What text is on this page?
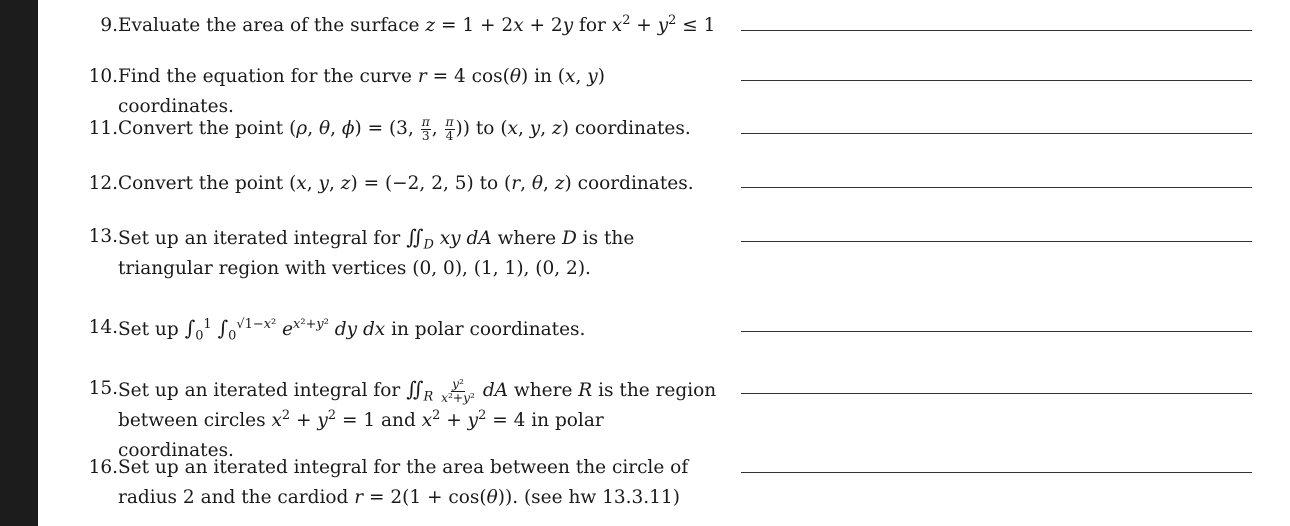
9. Evaluate the area of the surface z = 1 + 2x + 2y for $x^2 + y^2 \le 1$
10. Find the equation for the curve r = 4 cos(θ) in (x, y) coordinates.
11. Convert the point (ρ, θ, ϕ) = (3, $\frac{\pi}{3}$ , $\frac{\pi}{4}$ )) to (x, y, z) coordinates.
12. Convert the point (x, y, z) = (−2, 2, 5) to (r, θ, z) coordinates.
13. Set up an iterated integral for $∬_D$ xy dA where D is the triangular region with vertices (0, 0), (1, 1), (0, 2).
14. Set up $\int_0^1$ $\int_0^{√1-x^2}$ $e^{x^2+y^2}$ dy dx in polar coordinates.
15. Set up an iterated integral for $∬_R \frac{\text{y²}}{\text{x²+y²}}$ dA where R is the region between circles $x^2 + y^2 = 1$ and $x^2 + y^2 = 4$ in polar coordinates.
16. Set up an iterated integral for the area between the circle of radius 2 and the cardiod r = 2(1 + cos(θ)). (see hw 13.3.11)
